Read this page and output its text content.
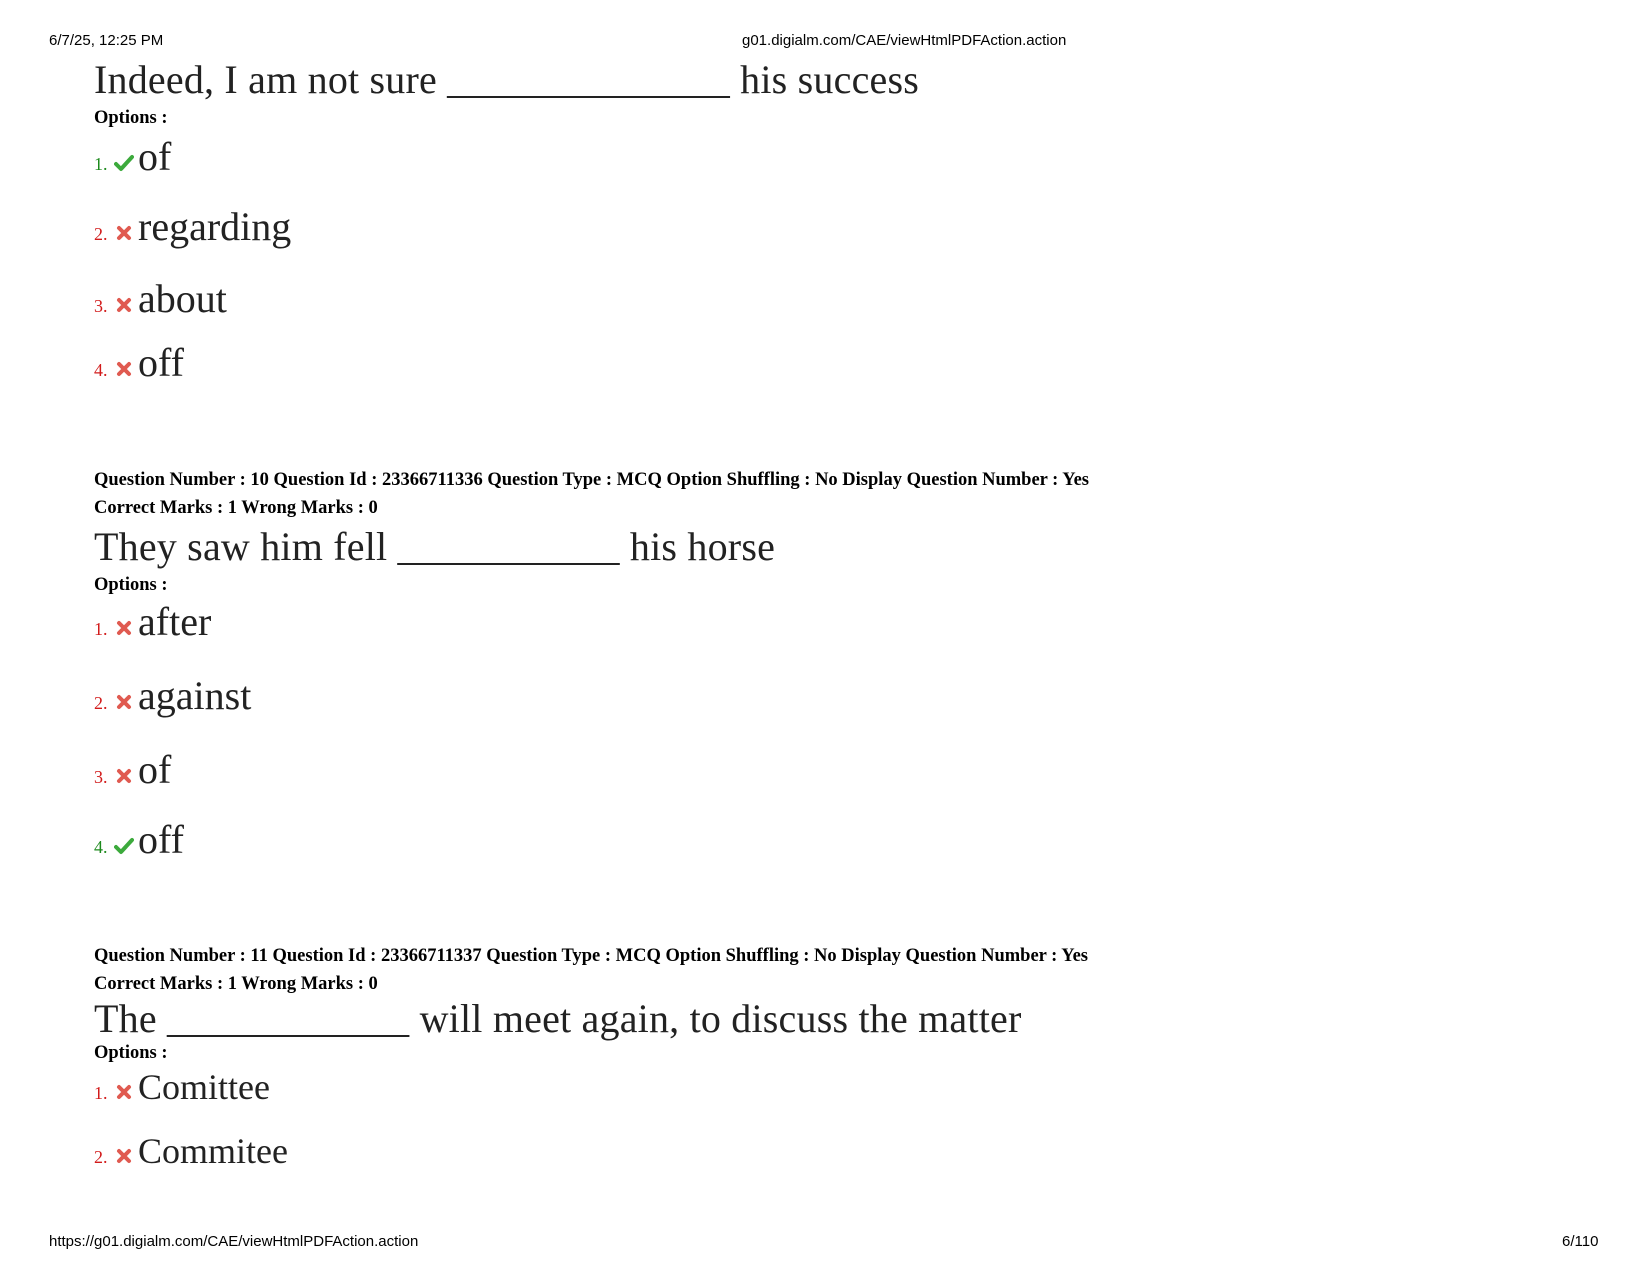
6/7/25, 12:25 PM	g01.digialm.com/CAE/viewHtmlPDFAction.action
Indeed, I am not sure ______________ his success
Options :
1. of
2. regarding
3. about
4. off
Question Number : 10 Question Id : 23366711336 Question Type : MCQ Option Shuffling : No Display Question Number : Yes
Correct Marks : 1 Wrong Marks : 0
They saw him fell ___________ his horse
Options :
1. after
2. against
3. of
4. off
Question Number : 11 Question Id : 23366711337 Question Type : MCQ Option Shuffling : No Display Question Number : Yes
Correct Marks : 1 Wrong Marks : 0
The ____________ will meet again, to discuss the matter
Options :
1. Comittee
2. Commitee
https://g01.digialm.com/CAE/viewHtmlPDFAction.action	6/110
